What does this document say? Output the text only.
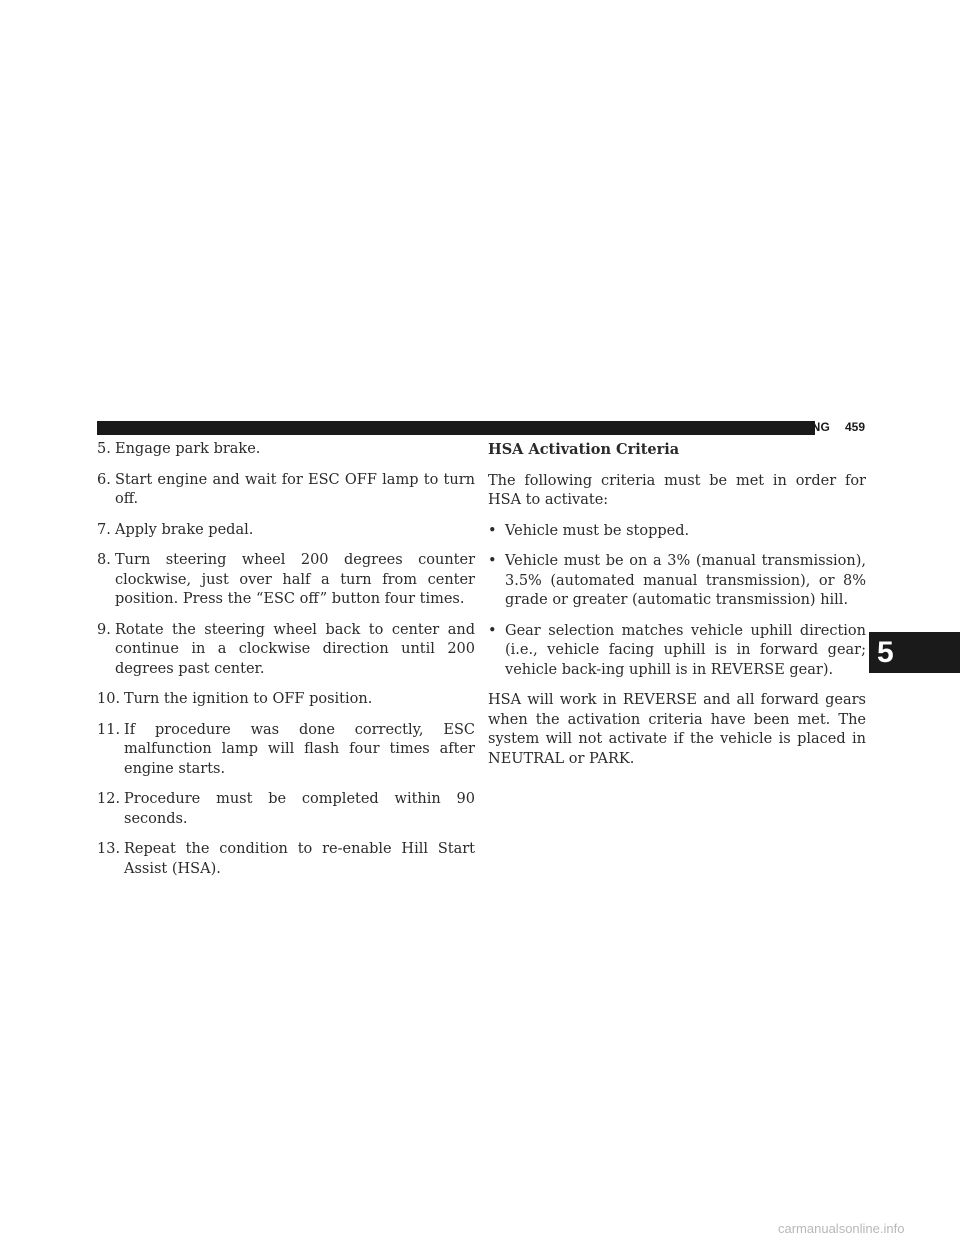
STARTING AND OPERATING 459
5. Engage park brake.
6. Start engine and wait for ESC OFF lamp to turn off.
7. Apply brake pedal.
8. Turn steering wheel 200 degrees counter clockwise, just over half a turn from center position. Press the “ESC off” button four times.
9. Rotate the steering wheel back to center and continue in a clockwise direction until 200 degrees past center.
10. Turn the ignition to OFF position.
11. If procedure was done correctly, ESC malfunction lamp will flash four times after engine starts.
12. Procedure must be completed within 90 seconds.
13. Repeat the condition to re-enable Hill Start Assist (HSA).
HSA Activation Criteria

The following criteria must be met in order for HSA to activate:

• Vehicle must be stopped.
• Vehicle must be on a 3% (manual transmission), 3.5% (automated manual transmission), or 8% grade or greater (automatic transmission) hill.
• Gear selection matches vehicle uphill direction (i.e., vehicle facing uphill is in forward gear; vehicle back-ing uphill is in REVERSE gear).

HSA will work in REVERSE and all forward gears when the activation criteria have been met. The system will not activate if the vehicle is placed in NEUTRAL or PARK.

5
carmanualsonline.info
